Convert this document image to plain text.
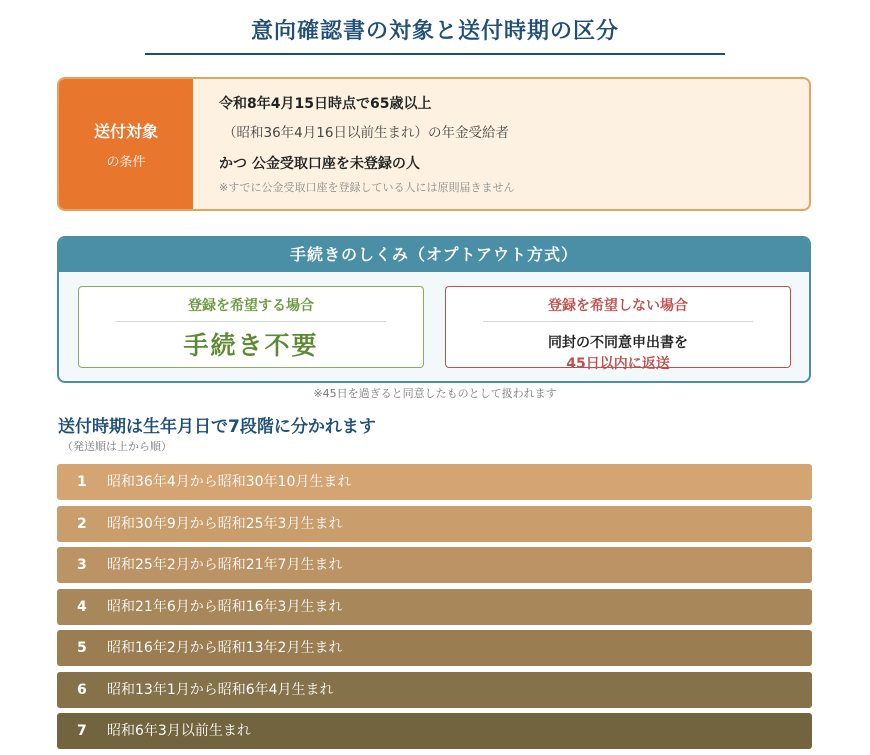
意向確認書の対象と送付時期の区分
送付対象
の条件
令和8年4月15日時点で65歳以上
（昭和36年4月16日以前生まれ）の年金受給者
かつ 公金受取口座を未登録の人
※すでに公金受取口座を登録している人には原則届きません
手続きのしくみ（オプトアウト方式）
登録を希望する場合
手続き不要
登録を希望しない場合
同封の不同意申出書を
45日以内に返送
※45日を過ぎると同意したものとして扱われます
送付時期は生年月日で7段階に分かれます
（発送順は上から順）
1 昭和36年4月から昭和30年10月生まれ
2 昭和30年9月から昭和25年3月生まれ
3 昭和25年2月から昭和21年7月生まれ
4 昭和21年6月から昭和16年3月生まれ
5 昭和16年2月から昭和13年2月生まれ
6 昭和13年1月から昭和6年4月生まれ
7 昭和6年3月以前生まれ
